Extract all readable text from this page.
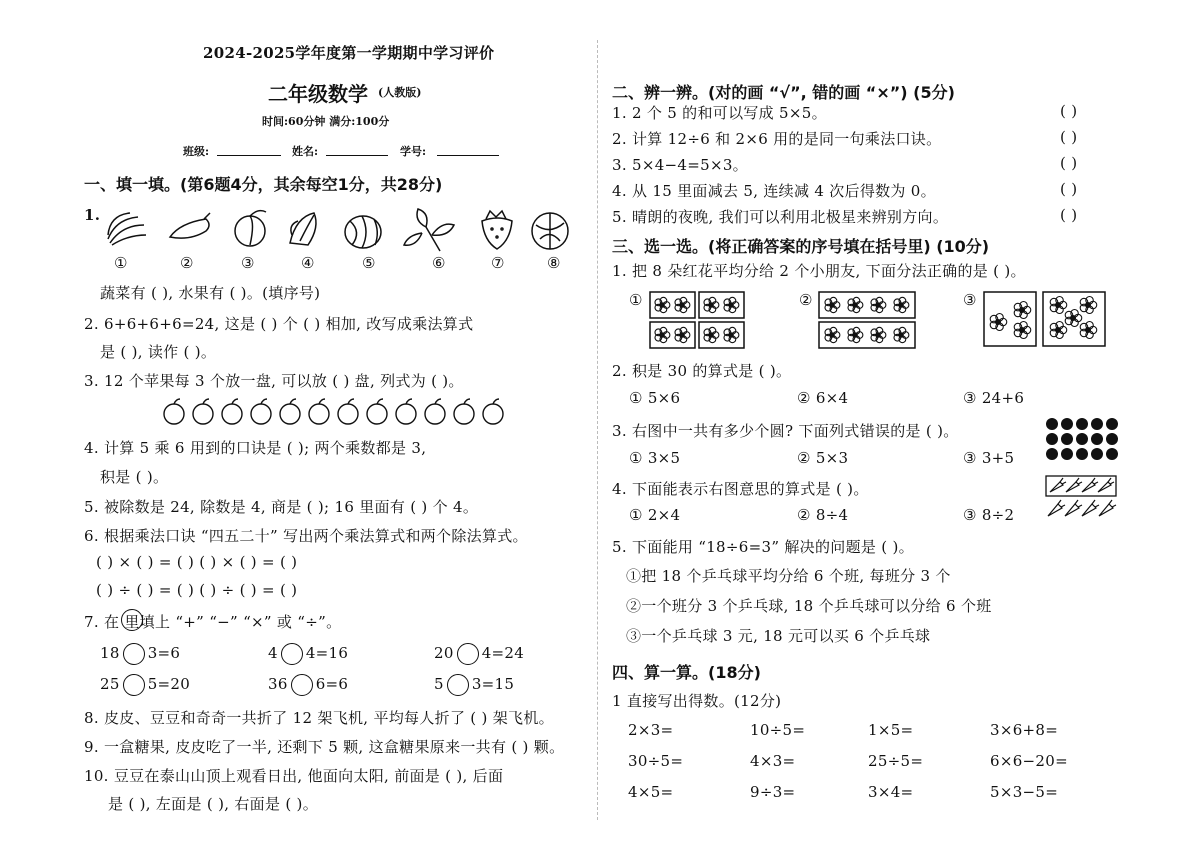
2024-2025学年度第一学期期中学习评价
二年级数学 (人教版)
时间:60分钟 满分:100分
班级:	姓名:	学号:
一、填一填。(第6题4分，其余每空1分，共28分)
1.
①	②	③	④	⑤	⑥	⑦	⑧
蔬菜有 ( ), 水果有 ( )。(填序号)
2. 6+6+6+6=24, 这是 ( ) 个 ( ) 相加, 改写成乘法算式
是 ( ), 读作 ( )。
3. 12 个苹果每 3 个放一盘, 可以放 ( ) 盘, 列式为 ( )。
4. 计算 5 乘 6 用到的口诀是 ( ); 两个乘数都是 3,
积是 ( )。
5. 被除数是 24, 除数是 4, 商是 ( ); 16 里面有 ( ) 个 4。
6. 根据乘法口诀 “四五二十” 写出两个乘法算式和两个除法算式。
( ) × ( ) = ( ) ( ) × ( ) = ( )
( ) ÷ ( ) = ( ) ( ) ÷ ( ) = ( )
7. 在 里填上 “+” “−” “×” 或 “÷”。
18 3=6	4 4=16	20 4=24
25 5=20	36 6=6	5 3=15
8. 皮皮、豆豆和奇奇一共折了 12 架飞机, 平均每人折了 ( ) 架飞机。
9. 一盒糖果, 皮皮吃了一半, 还剩下 5 颗, 这盒糖果原来一共有 ( ) 颗。
10. 豆豆在泰山山顶上观看日出, 他面向太阳, 前面是 ( ), 后面
是 ( ), 左面是 ( ), 右面是 ( )。
二、辨一辨。(对的画 “√”, 错的画 “×”) (5分)
1. 2 个 5 的和可以写成 5×5。	( )
2. 计算 12÷6 和 2×6 用的是同一句乘法口诀。	( )
3. 5×4−4=5×3。	( )
4. 从 15 里面减去 5, 连续减 4 次后得数为 0。	( )
5. 晴朗的夜晚, 我们可以利用北极星来辨别方向。	( )
三、选一选。(将正确答案的序号填在括号里) (10分)
1. 把 8 朵红花平均分给 2 个小朋友, 下面分法正确的是 ( )。
①	②	③
2. 积是 30 的算式是 ( )。
① 5×6	② 6×4	③ 24+6
3. 右图中一共有多少个圆? 下面列式错误的是 ( )。
① 3×5	② 5×3	③ 3+5
4. 下面能表示右图意思的算式是 ( )。
① 2×4	② 8÷4	③ 8÷2
5. 下面能用 “18÷6=3” 解决的问题是 ( )。
①把 18 个乒乓球平均分给 6 个班, 每班分 3 个
②一个班分 3 个乒乓球, 18 个乒乓球可以分给 6 个班
③一个乒乓球 3 元, 18 元可以买 6 个乒乓球
四、算一算。(18分)
1 直接写出得数。(12分)
2×3=	10÷5=	1×5=	3×6+8=
30÷5=	4×3=	25÷5=	6×6−20=
4×5=	9÷3=	3×4=	5×3−5=
